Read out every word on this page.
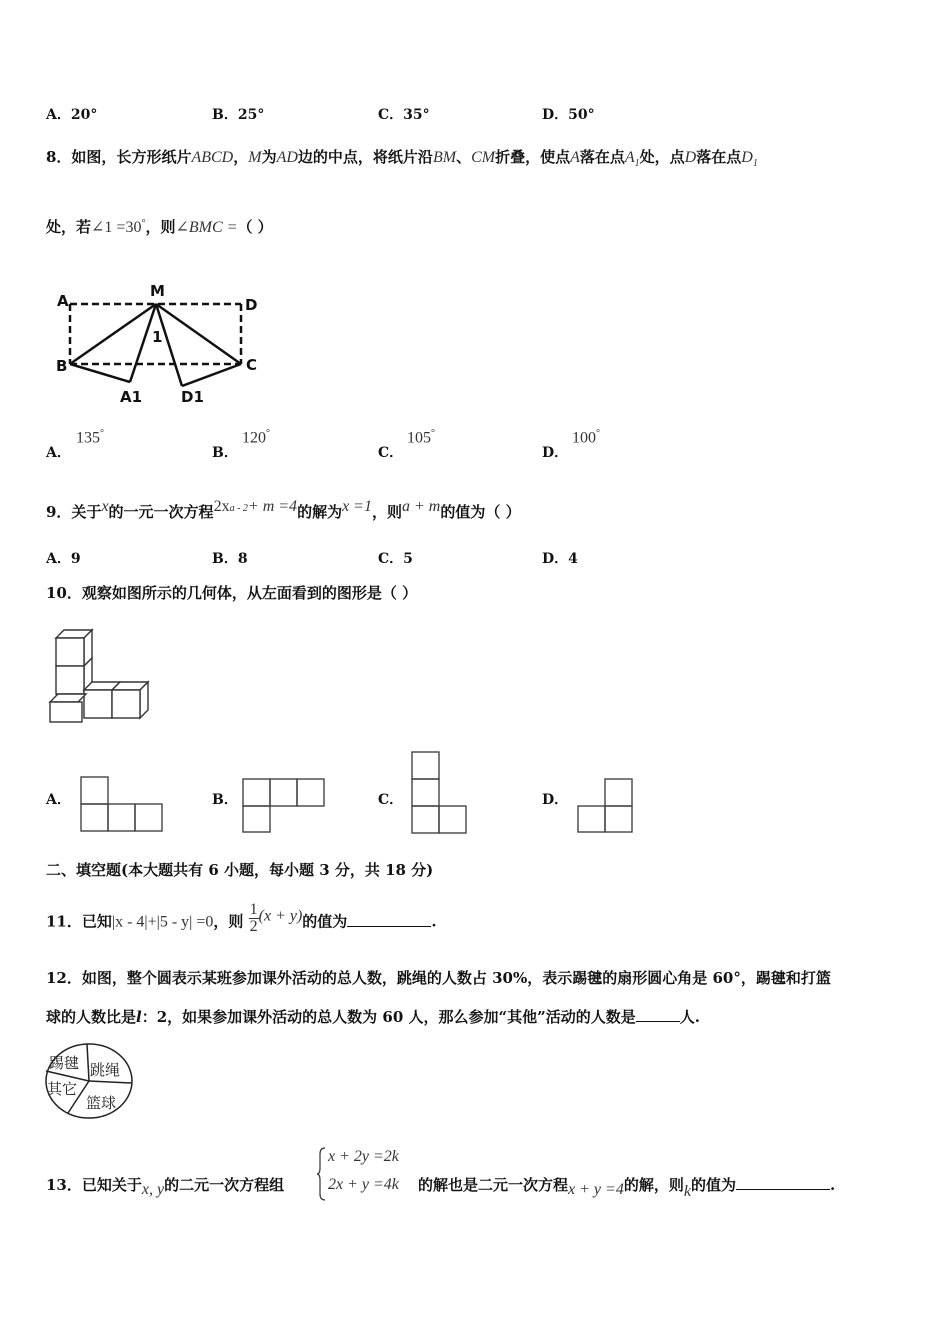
A．20°	B．25°	C．35°	D．50°
8．如图，长方形纸片ABCD，M为AD边的中点，将纸片沿BM、CM折叠，使点A落在点$A_1$处，点D落在点$D_1$
处，若∠1 =30°，则∠BMC =（ ）
A
M
D
B	C
A1	D1
1
A．
135°
B．
120°
C．
105°
D．
100°
9．关于x的一元一次方程$2x^{a - 2}+ m =4$的解为x =1，则a + m的值为（ ）
A．9	B．8	C．5	D．4
10．观察如图所示的几何体，从左面看到的图形是（ ）
A．	B．	C．	D．
二、填空题(本大题共有 6 小题，每小题 3 分，共 18 分)
11．已知|x - 4|+|5 - y| =0，则 $\frac{1}{2} (x + y)$的值为	.
12．如图，整个圆表示某班参加课外活动的总人数，跳绳的人数占 30%，表示踢毽的扇形圆心角是 60°，踢毽和打篮
球的人数比是l：2，如果参加课外活动的总人数为 60 人，那么参加“其他”活动的人数是	人.
踢毽 跳绳
其它
篮球
13．已知关于x, y的二元一次方程组
x + 2y =2k
2x + y =4k 的解也是二元一次方程x + y =4的解，则k的值为	.
